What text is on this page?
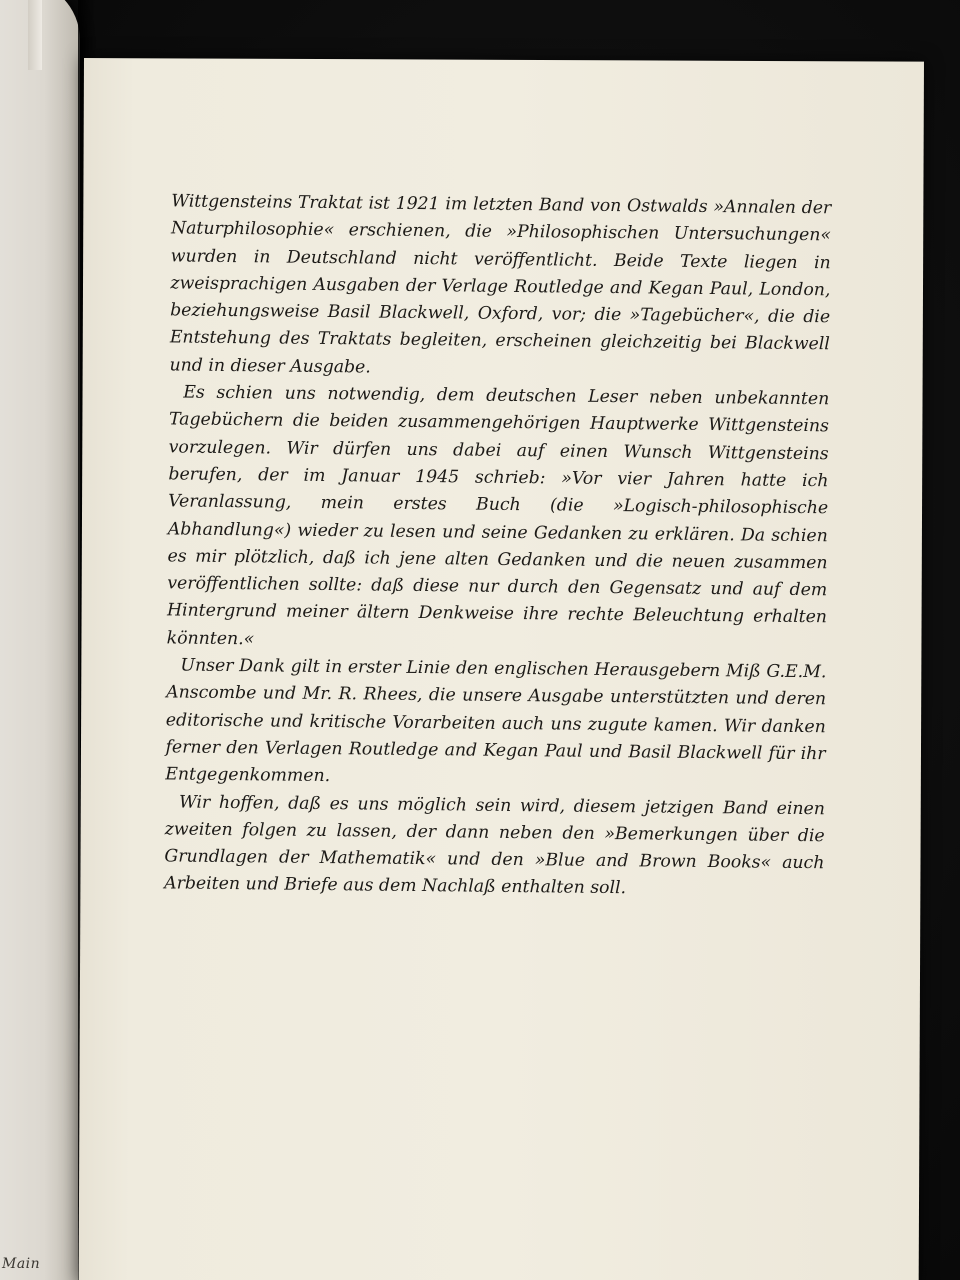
Main

Wittgensteins Traktat ist 1921 im letzten Band von Ostwalds »Annalen der Naturphilosophie« erschienen, die »Philosophischen Untersuchungen« wurden in Deutschland nicht veröffentlicht. Beide Texte liegen in zweisprachigen Ausgaben der Verlage Routledge and Kegan Paul, London, beziehungsweise Basil Blackwell, Oxford, vor; die »Tagebücher«, die die Entstehung des Traktats begleiten, erscheinen gleichzeitig bei Blackwell und in dieser Ausgabe.

Es schien uns notwendig, dem deutschen Leser neben unbekannten Tagebüchern die beiden zusammengehörigen Hauptwerke Wittgensteins vorzulegen. Wir dürfen uns dabei auf einen Wunsch Wittgensteins berufen, der im Januar 1945 schrieb: »Vor vier Jahren hatte ich Veranlassung, mein erstes Buch (die »Logisch-philosophische Abhandlung«) wieder zu lesen und seine Gedanken zu erklären. Da schien es mir plötzlich, daß ich jene alten Gedanken und die neuen zusammen veröffentlichen sollte: daß diese nur durch den Gegensatz und auf dem Hintergrund meiner ältern Denkweise ihre rechte Beleuchtung erhalten könnten.«

Unser Dank gilt in erster Linie den englischen Herausgebern Miß G.E.M. Anscombe und Mr. R. Rhees, die unsere Ausgabe unterstützten und deren editorische und kritische Vorarbeiten auch uns zugute kamen. Wir danken ferner den Verlagen Routledge and Kegan Paul und Basil Blackwell für ihr Entgegenkommen.

Wir hoffen, daß es uns möglich sein wird, diesem jetzigen Band einen zweiten folgen zu lassen, der dann neben den »Bemerkungen über die Grundlagen der Mathematik« und den »Blue and Brown Books« auch Arbeiten und Briefe aus dem Nachlaß enthalten soll.
